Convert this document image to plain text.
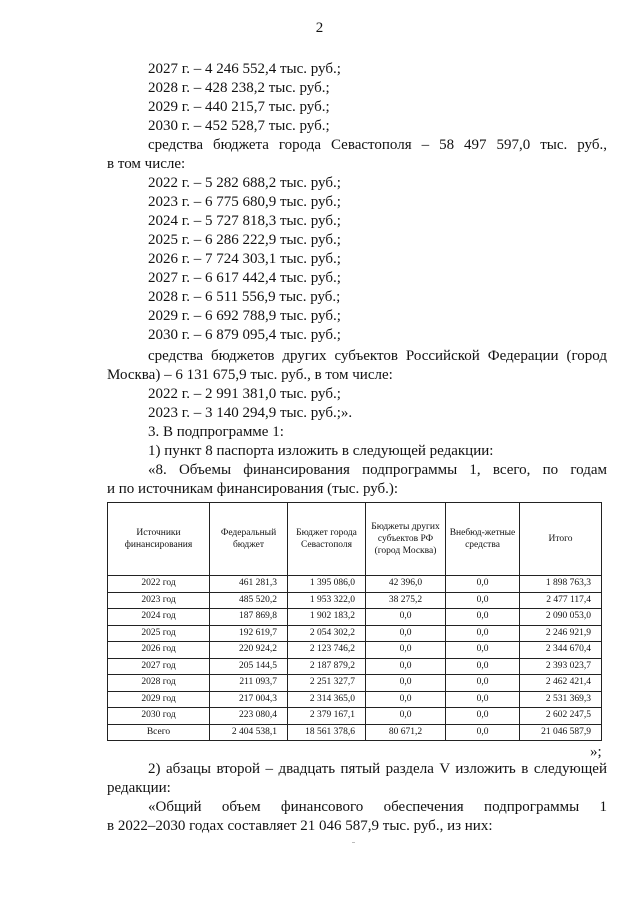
2
2027 г. – 4 246 552,4 тыс. руб.;
2028 г. – 428 238,2 тыс. руб.;
2029 г. – 440 215,7 тыс. руб.;
2030 г. – 452 528,7 тыс. руб.;
средства бюджета города Севастополя – 58 497 597,0 тыс. руб.,
в том числе:
2022 г. – 5 282 688,2 тыс. руб.;
2023 г. – 6 775 680,9 тыс. руб.;
2024 г. – 5 727 818,3 тыс. руб.;
2025 г. – 6 286 222,9 тыс. руб.;
2026 г. – 7 724 303,1 тыс. руб.;
2027 г. – 6 617 442,4 тыс. руб.;
2028 г. – 6 511 556,9 тыс. руб.;
2029 г. – 6 692 788,9 тыс. руб.;
2030 г. – 6 879 095,4 тыс. руб.;
средства бюджетов других субъектов Российской Федерации (город
Москва) – 6 131 675,9 тыс. руб., в том числе:
2022 г. – 2 991 381,0 тыс. руб.;
2023 г. – 3 140 294,9 тыс. руб.;».
3. В подпрограмме 1:
1) пункт 8 паспорта изложить в следующей редакции:
«8. Объемы финансирования подпрограммы 1, всего, по годам
и по источникам финансирования (тыс. руб.):
Источники финансирования	Федеральный бюджет	Бюджет города Севастополя	Бюджеты других субъектов РФ (город Москва)	Внебюд-жетные средства	Итого
2022 год	461 281,3	1 395 086,0	42 396,0	0,0	1 898 763,3
2023 год	485 520,2	1 953 322,0	38 275,2	0,0	2 477 117,4
2024 год	187 869,8	1 902 183,2	0,0	0,0	2 090 053,0
2025 год	192 619,7	2 054 302,2	0,0	0,0	2 246 921,9
2026 год	220 924,2	2 123 746,2	0,0	0,0	2 344 670,4
2027 год	205 144,5	2 187 879,2	0,0	0,0	2 393 023,7
2028 год	211 093,7	2 251 327,7	0,0	0,0	2 462 421,4
2029 год	217 004,3	2 314 365,0	0,0	0,0	2 531 369,3
2030 год	223 080,4	2 379 167,1	0,0	0,0	2 602 247,5
Всего	2 404 538,1	18 561 378,6	80 671,2	0,0	21 046 587,9
»;
2) абзацы второй – двадцать пятый раздела V изложить в следующей
редакции:
«Общий объем финансового обеспечения подпрограммы 1
в 2022–2030 годах составляет 21 046 587,9 тыс. руб., из них:
